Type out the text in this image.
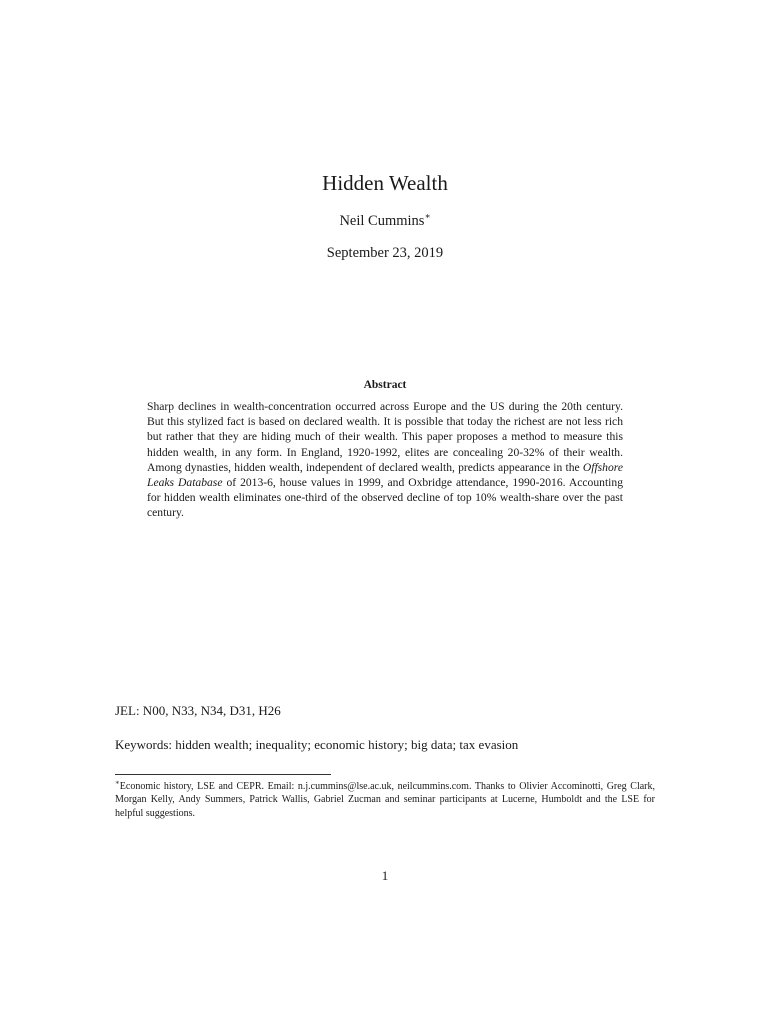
Hidden Wealth
Neil Cummins∗
September 23, 2019
Abstract

Sharp declines in wealth-concentration occurred across Europe and the US during the 20th century. But this stylized fact is based on declared wealth. It is possible that today the richest are not less rich but rather that they are hiding much of their wealth. This paper proposes a method to measure this hidden wealth, in any form. In England, 1920-1992, elites are concealing 20-32% of their wealth. Among dynasties, hidden wealth, independent of declared wealth, predicts appearance in the Offshore Leaks Database of 2013-6, house values in 1999, and Oxbridge attendance, 1990-2016. Accounting for hidden wealth eliminates one-third of the observed decline of top 10% wealth-share over the past century.

JEL: N00, N33, N34, D31, H26
Keywords: hidden wealth; inequality; economic history; big data; tax evasion

∗Economic history, LSE and CEPR. Email: n.j.cummins@lse.ac.uk, neilcummins.com. Thanks to Olivier Accominotti, Greg Clark, Morgan Kelly, Andy Summers, Patrick Wallis, Gabriel Zucman and seminar participants at Lucerne, Humboldt and the LSE for helpful suggestions.

1
